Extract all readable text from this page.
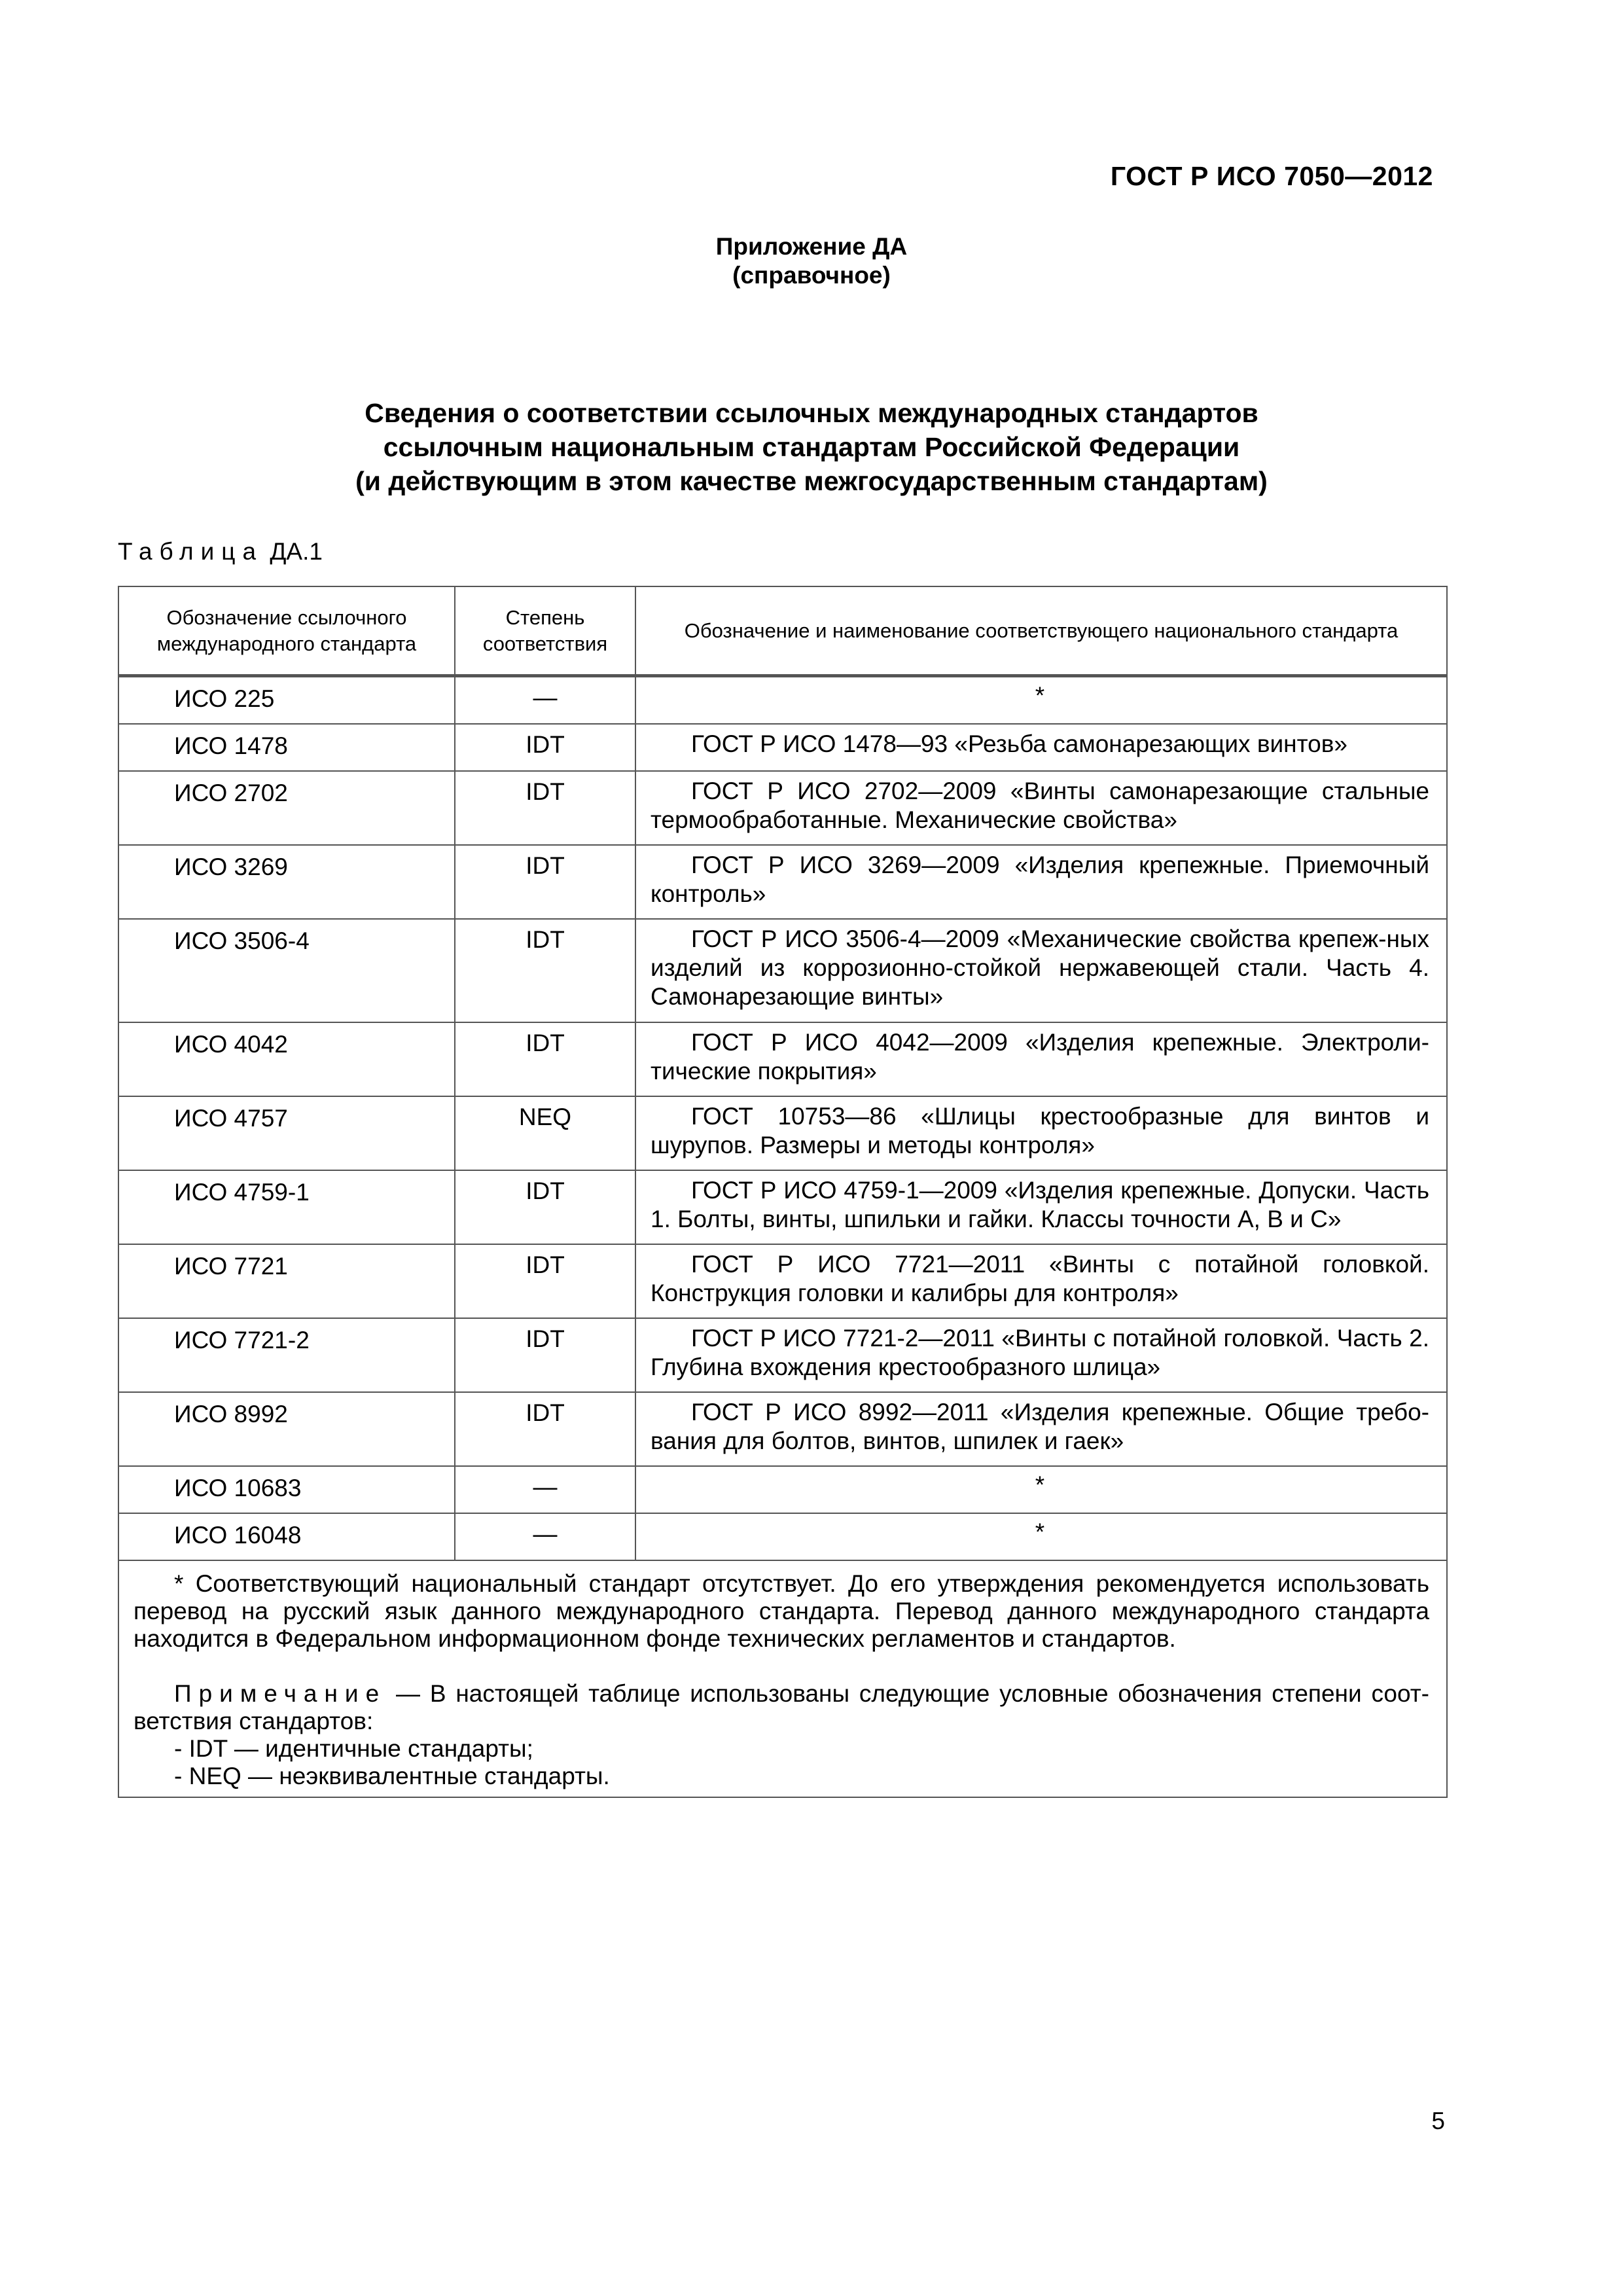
ГОСТ Р ИСО 7050—2012
Приложение ДА
(справочное)
Сведения о соответствии ссылочных международных стандартов
ссылочным национальным стандартам Российской Федерации
(и действующим в этом качестве межгосударственным стандартам)
Таблица ДА.1
Обозначение ссылочного международного стандарта	Степень соответствия	Обозначение и наименование соответствующего национального стандарта
ИСО 225	—	*
ИСО 1478	IDT	ГОСТ Р ИСО 1478—93 «Резьба самонарезающих винтов»

ИСО 2702	IDT	ГОСТ Р ИСО 2702—2009 «Винты самонарезающие стальные термообработанные. Механические свойства»

ИСО 3269	IDT	ГОСТ Р ИСО 3269—2009 «Изделия крепежные. Приемочный контроль»

ИСО 3506-4	IDT	ГОСТ Р ИСО 3506-4—2009 «Механические свойства крепеж-ных изделий из коррозионно-стойкой нержавеющей стали. Часть 4. Самонарезающие винты»

ИСО 4042	IDT	ГОСТ Р ИСО 4042—2009 «Изделия крепежные. Электроли-тические покрытия»

ИСО 4757	NEQ	ГОСТ 10753—86 «Шлицы крестообразные для винтов и шурупов. Размеры и методы контроля»

ИСО 4759-1	IDT	ГОСТ Р ИСО 4759-1—2009 «Изделия крепежные. Допуски. Часть 1. Болты, винты, шпильки и гайки. Классы точности А, В и С»

ИСО 7721	IDT	ГОСТ Р ИСО 7721—2011 «Винты с потайной головкой. Конструкция головки и калибры для контроля»

ИСО 7721-2	IDT	ГОСТ Р ИСО 7721-2—2011 «Винты с потайной головкой. Часть 2. Глубина вхождения крестообразного шлица»

ИСО 8992	IDT	ГОСТ Р ИСО 8992—2011 «Изделия крепежные. Общие требо-вания для болтов, винтов, шпилек и гаек»

ИСО 10683	—	*
ИСО 16048	—	*

* Соответствующий национальный стандарт отсутствует. До его утверждения рекомендуется использовать перевод на русский язык данного международного стандарта. Перевод данного международного стандарта находится в Федеральном информационном фонде технических регламентов и стандартов.

Примечание — В настоящей таблице использованы следующие условные обозначения степени соот-ветствия стандартов:

- IDT — идентичные стандарты;
- NEQ — неэквивалентные стандарты.		
5
